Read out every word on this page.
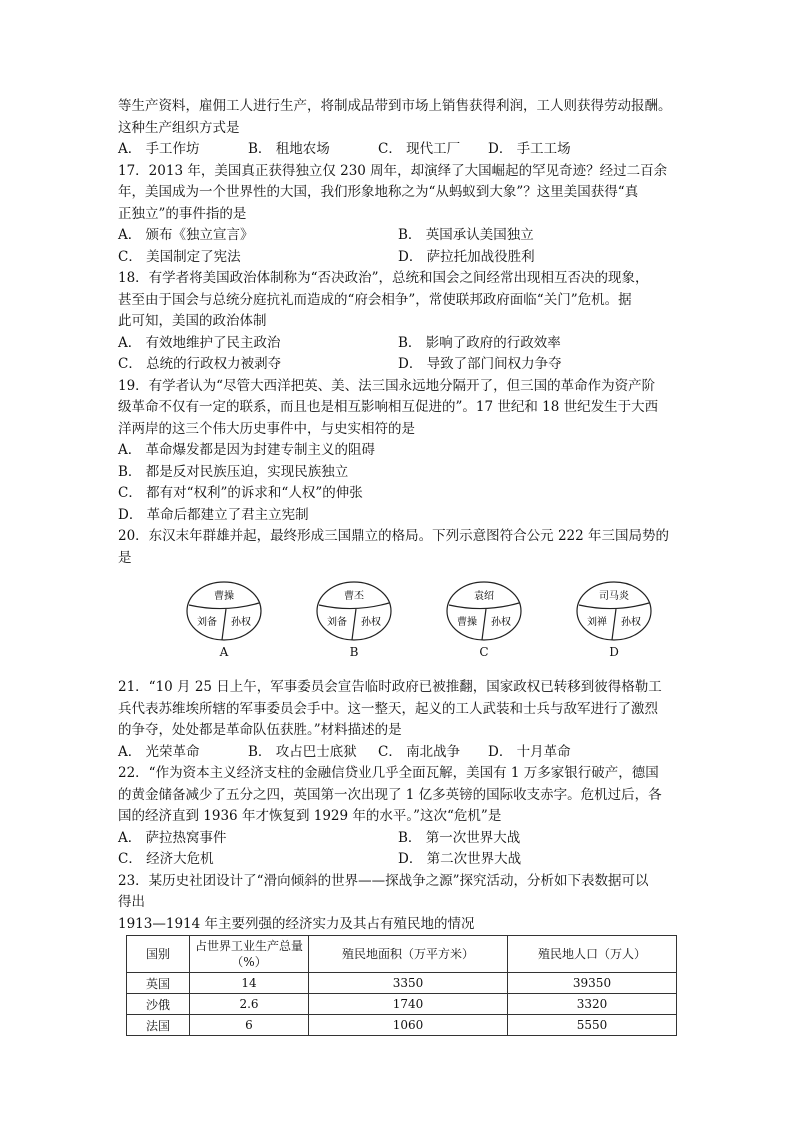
等生产资料，雇佣工人进行生产，将制成品带到市场上销售获得利润，工人则获得劳动报酬。
这种生产组织方式是
A． 手工作坊	B． 租地农场	C． 现代工厂	D． 手工工场
17．2013 年，美国真正获得独立仅 230 周年，却演绎了大国崛起的罕见奇迹？经过二百余
年，美国成为一个世界性的大国，我们形象地称之为“从蚂蚁到大象”？这里美国获得“真
正独立”的事件指的是
A． 颁布《独立宣言》	B． 英国承认美国独立
C． 美国制定了宪法	D． 萨拉托加战役胜利
18．有学者将美国政治体制称为“否决政治”，总统和国会之间经常出现相互否决的现象，
甚至由于国会与总统分庭抗礼而造成的“府会相争”，常使联邦政府面临“关门”危机。据
此可知，美国的政治体制
A． 有效地维护了民主政治	B． 影响了政府的行政效率
C． 总统的行政权力被剥夺	D． 导致了部门间权力争夺
19．有学者认为“尽管大西洋把英、美、法三国永远地分隔开了，但三国的革命作为资产阶
级革命不仅有一定的联系，而且也是相互影响相互促进的”。17 世纪和 18 世纪发生于大西
洋两岸的这三个伟大历史事件中，与史实相符的是
A． 革命爆发都是因为封建专制主义的阻碍
B． 都是反对民族压迫，实现民族独立
C． 都有对“权利”的诉求和“人权”的伸张
D． 革命后都建立了君主立宪制
20．东汉末年群雄并起，最终形成三国鼎立的格局。下列示意图符合公元 222 年三国局势的
是
曹操
刘备 孙权
A
曹丕
刘备 孙权
B
袁绍
曹操 孙权
C
司马炎
刘禅 孙权
D
21．“10 月 25 日上午，军事委员会宣告临时政府已被推翻，国家政权已转移到彼得格勒工
兵代表苏维埃所辖的军事委员会手中。这一整天，起义的工人武装和士兵与敌军进行了激烈
的争夺，处处都是革命队伍获胜。”材料描述的是
A． 光荣革命	B． 攻占巴士底狱	C． 南北战争	D． 十月革命
22．“作为资本主义经济支柱的金融信贷业几乎全面瓦解，美国有 1 万多家银行破产，德国
的黄金储备减少了五分之四，英国第一次出现了 1 亿多英镑的国际收支赤字。危机过后，各
国的经济直到 1936 年才恢复到 1929 年的水平。”这次“危机”是
A． 萨拉热窝事件	B． 第一次世界大战
C． 经济大危机	D． 第二次世界大战
23．某历史社团设计了“滑向倾斜的世界——探战争之源”探究活动，分析如下表数据可以
得出
1913—1914 年主要列强的经济实力及其占有殖民地的情况
国别	占世界工业生产总量（%）	殖民地面积（万平方米）	殖民地人口（万人）
英国	14	3350	39350
沙俄	2.6	1740	3320
法国	6	1060	5550
